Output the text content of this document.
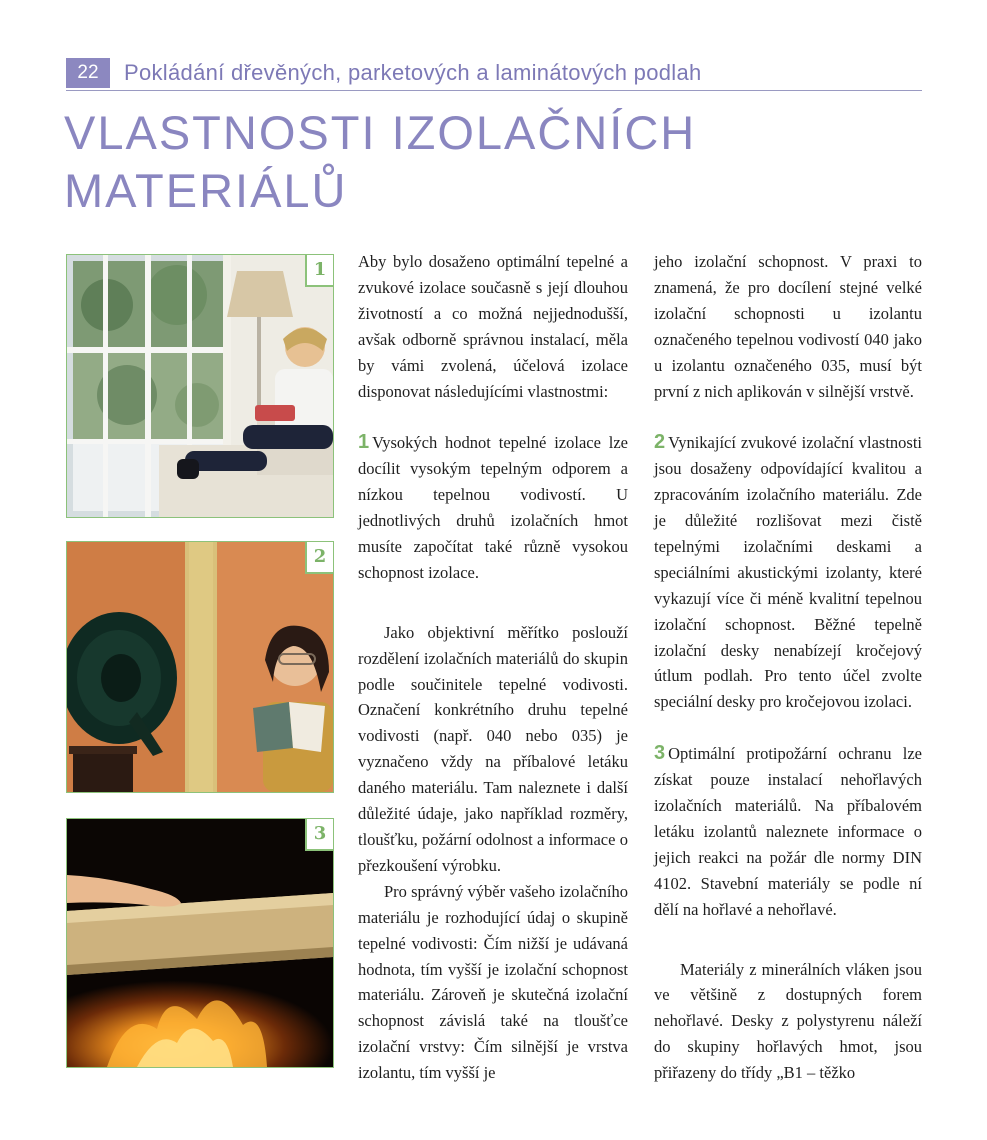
22	Pokládání dřevěných, parketových a laminátových podlah
VLASTNOSTI IZOLAČNÍCH
MATERIÁLŮ
1
2
3

Aby bylo dosaženo optimální tepelné a zvukové izolace současně s její dlouhou životností a co možná nejjednodušší, avšak odborně správnou instalací, měla by vámi zvolená, účelová izolace disponovat následujícími vlastnostmi:

1 Vysokých hodnot tepelné izolace lze docílit vysokým tepelným odporem a nízkou tepelnou vodivostí. U jednotlivých druhů izolačních hmot musíte započítat také různě vysokou schopnost izolace.

Jako objektivní měřítko poslouží rozdělení izolačních materiálů do skupin podle součinitele tepelné vodivosti. Označení konkrétního druhu tepelné vodivosti (např. 040 nebo 035) je vyznačeno vždy na příbalové letáku daného materiálu. Tam naleznete i další důležité údaje, jako například rozměry, tloušťku, požární odolnost a informace o přezkoušení výrobku.

Pro správný výběr vašeho izolačního materiálu je rozhodující údaj o skupině tepelné vodivosti: Čím nižší je udávaná hodnota, tím vyšší je izolační schopnost materiálu. Zároveň je skutečná izolační schopnost závislá také na tloušťce izolační vrstvy: Čím silnější je vrstva izolantu, tím vyšší je

jeho izolační schopnost. V praxi to znamená, že pro docílení stejné velké izolační schopnosti u izolantu označeného tepelnou vodivostí 040 jako u izolantu označeného 035, musí být první z nich aplikován v silnější vrstvě.

2 Vynikající zvukové izolační vlastnosti jsou dosaženy odpovídající kvalitou a zpracováním izolačního materiálu. Zde je důležité rozlišovat mezi čistě tepelnými izolačními deskami a speciálními akustickými izolanty, které vykazují více či méně kvalitní tepelnou izolační schopnost. Běžné tepelně izolační desky nenabízejí kročejový útlum podlah. Pro tento účel zvolte speciální desky pro kročejovou izolaci.

3 Optimální protipožární ochranu lze získat pouze instalací nehořlavých izolačních materiálů. Na příbalovém letáku izolantů naleznete informace o jejich reakci na požár dle normy DIN 4102. Stavební materiály se podle ní dělí na hořlavé a nehořlavé.

Materiály z minerálních vláken jsou ve většině z dostupných forem nehořlavé. Desky z polystyrenu náleží do skupiny hořlavých hmot, jsou přiřazeny do třídy „B1 – těžko
